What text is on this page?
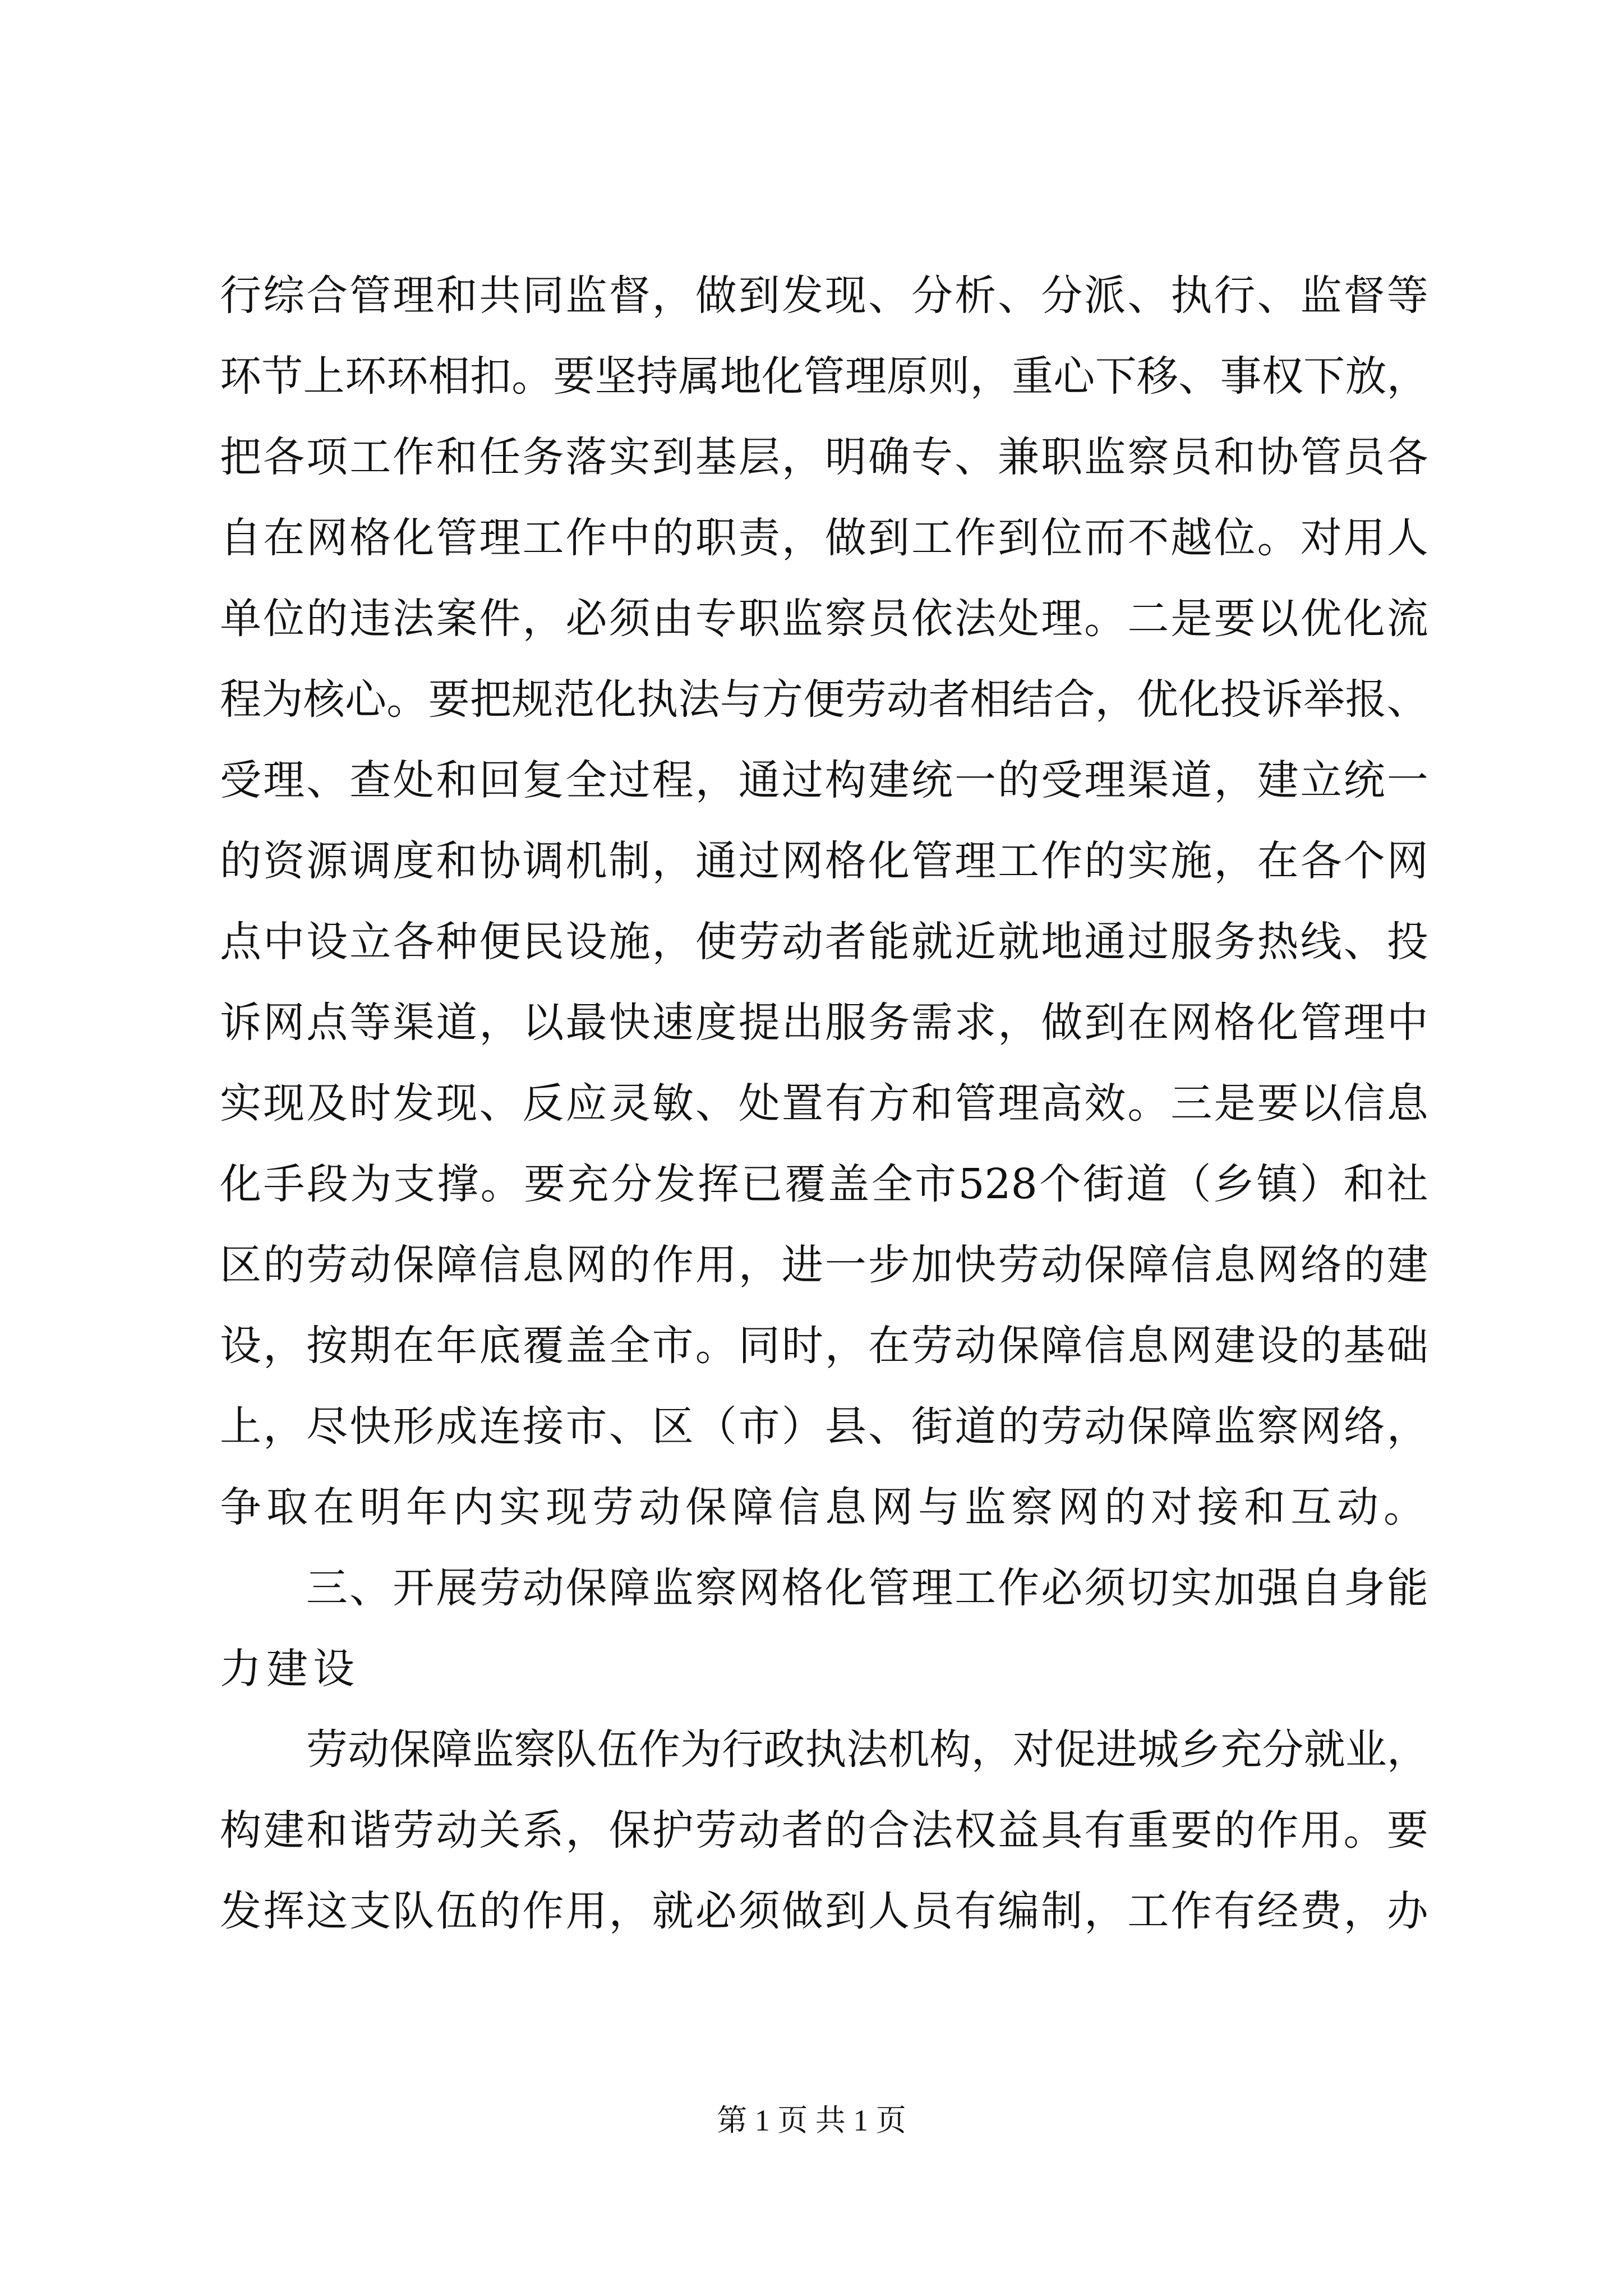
行 综 合 管 理 和 共 同 监 督 ， 做 到 发 现 、 分 析 、 分 派 、 执 行 、 监 督 等
环 节 上 环 环 相 扣 。 要 坚 持 属 地 化 管 理 原 则 ， 重 心 下 移 、 事 权 下 放 ，
把 各 项 工 作 和 任 务 落 实 到 基 层 ， 明 确 专 、 兼 职 监 察 员 和 协 管 员 各
自 在 网 格 化 管 理 工 作 中 的 职 责 ， 做 到 工 作 到 位 而 不 越 位 。 对 用 人
单 位 的 违 法 案 件 ， 必 须 由 专 职 监 察 员 依 法 处 理 。 二 是 要 以 优 化 流
程 为 核 心 。 要 把 规 范 化 执 法 与 方 便 劳 动 者 相 结 合 ， 优 化 投 诉 举 报 、
受 理 、 查 处 和 回 复 全 过 程 ， 通 过 构 建 统 一 的 受 理 渠 道 ， 建 立 统 一
的 资 源 调 度 和 协 调 机 制 ， 通 过 网 格 化 管 理 工 作 的 实 施 ， 在 各 个 网
点 中 设 立 各 种 便 民 设 施 ， 使 劳 动 者 能 就 近 就 地 通 过 服 务 热 线 、 投
诉 网 点 等 渠 道 ， 以 最 快 速 度 提 出 服 务 需 求 ， 做 到 在 网 格 化 管 理 中
实 现 及 时 发 现 、 反 应 灵 敏 、 处 置 有 方 和 管 理 高 效 。 三 是 要 以 信 息
化 手 段 为 支 撑 。 要 充 分 发 挥 已 覆 盖 全 市 528 个 街 道 （ 乡 镇 ） 和 社
区 的 劳 动 保 障 信 息 网 的 作 用 ， 进 一 步 加 快 劳 动 保 障 信 息 网 络 的 建
设 ， 按 期 在 年 底 覆 盖 全 市 。 同 时 ， 在 劳 动 保 障 信 息 网 建 设 的 基 础
上 ， 尽 快 形 成 连 接 市 、 区 （ 市 ） 县 、 街 道 的 劳 动 保 障 监 察 网 络 ，
争取在明年内实现劳动保障信息网与监察网的对接和互动。
三 、 开 展 劳 动 保 障 监 察 网 格 化 管 理 工 作 必 须 切 实 加 强 自 身 能
力建设
劳 动 保 障 监 察 队 伍 作 为 行 政 执 法 机 构 ， 对 促 进 城 乡 充 分 就 业 ，
构 建 和 谐 劳 动 关 系 ， 保 护 劳 动 者 的 合 法 权 益 具 有 重 要 的 作 用 。 要
发 挥 这 支 队 伍 的 作 用 ， 就 必 须 做 到 人 员 有 编 制 ， 工 作 有 经 费 ， 办
第 1 页 共 1 页
